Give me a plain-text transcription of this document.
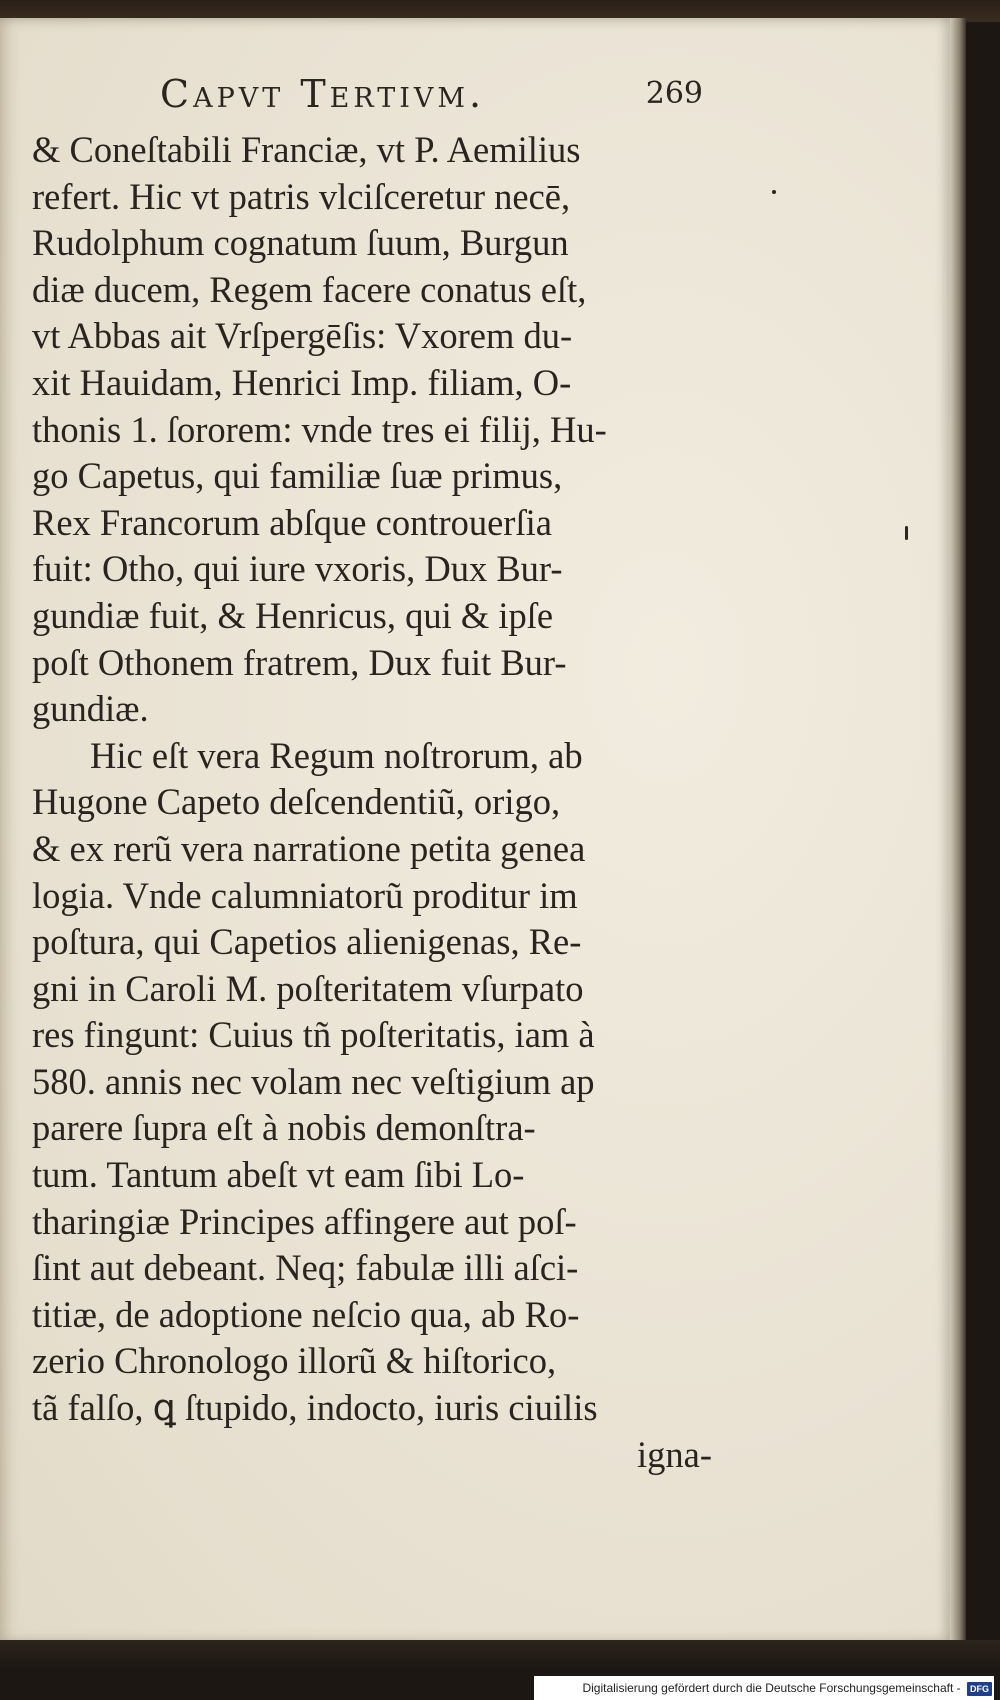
Capvt Tertivm.	269
& Coneſtabili Franciæ, vt P. Aemilius
refert. Hic vt patris vlciſceretur necē,
Rudolphum cognatum ſuum, Burgun
diæ ducem, Regem facere conatus eſt,
vt Abbas ait Vrſpergēſis: Vxorem du-
xit Hauidam, Henrici Imp. filiam, O-
thonis 1. ſororem: vnde tres ei filij, Hu-
go Capetus, qui familiæ ſuæ primus,
Rex Francorum abſque controuerſia
fuit: Otho, qui iure vxoris, Dux Bur-
gundiæ fuit, & Henricus, qui & ipſe
poſt Othonem fratrem, Dux fuit Bur-
gundiæ.
Hic eſt vera Regum noſtrorum, ab
Hugone Capeto deſcendentiũ, origo,
& ex rerũ vera narratione petita genea
logia. Vnde calumniatorũ proditur im
poſtura, qui Capetios alienigenas, Re-
gni in Caroli M. poſteritatem vſurpato
res fingunt: Cuius tñ poſteritatis, iam à
580. annis nec volam nec veſtigium ap
parere ſupra eſt à nobis demonſtra-
tum. Tantum abeſt vt eam ſibi Lo-
tharingiæ Principes affingere aut poſ-
ſint aut debeant. Neq; fabulæ illi aſci-
titiæ, de adoptione neſcio qua, ab Ro-
zerio Chronologo illorũ & hiſtorico,
tã falſo, ꝗ ſtupido, indocto, iuris ciuilis
igna-
Digitalisierung gefördert durch die Deutsche Forschungsgemeinschaft - DFG
